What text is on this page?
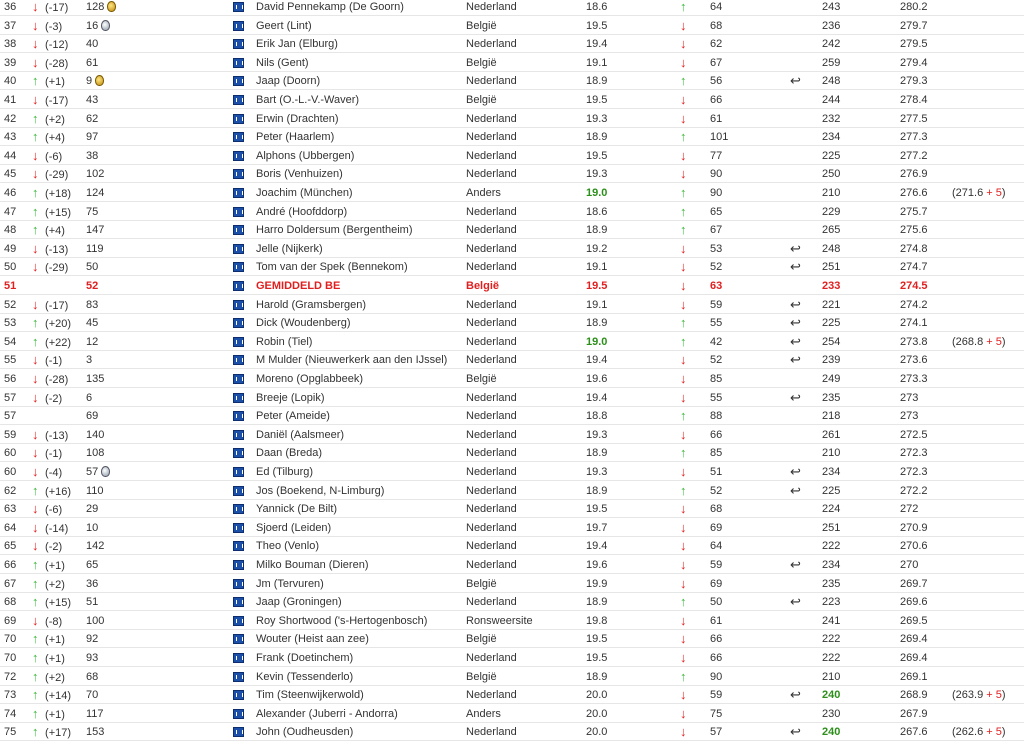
36 ↓ (-17) 128	David Pennekamp (De Goorn)	Nederland	18.6	↑ 64	243	280.2
37 ↓ (-3) 16	Geert (Lint)	België	19.5	↓ 68	236	279.7
38 ↓ (-12) 40	Erik Jan (Elburg)	Nederland	19.4	↓ 62	242	279.5
39 ↓ (-28) 61	Nils (Gent)	België	19.1	↓ 67	259	279.4
40 ↑ (+1) 9	Jaap (Doorn)	Nederland	18.9	↑ 56	↩ 248	279.3
41 ↓ (-17) 43	Bart (O.-L.-V.-Waver)	België	19.5	↓ 66	244	278.4
42 ↑ (+2) 62	Erwin (Drachten)	Nederland	19.3	↓ 61	232	277.5
43 ↑ (+4) 97	Peter (Haarlem)	Nederland	18.9	↑ 101	234	277.3
44 ↓ (-6) 38	Alphons (Ubbergen)	Nederland	19.5	↓ 77	225	277.2
45 ↓ (-29) 102	Boris (Venhuizen)	Nederland	19.3	↓ 90	250	276.9
46 ↑ (+18) 124	Joachim (München)	Anders	19.0	↑ 90	210	276.6 (271.6 + 5)
47 ↑ (+15) 75	André (Hoofddorp)	Nederland	18.6	↑ 65	229	275.7
48 ↑ (+4) 147	Harro Doldersum (Bergentheim)	Nederland	18.9	↑ 67	265	275.6
49 ↓ (-13) 119	Jelle (Nijkerk)	Nederland	19.2	↓ 53	↩ 248	274.8
50 ↓ (-29) 50	Tom van der Spek (Bennekom)	Nederland	19.1	↓ 52	↩ 251	274.7
51	52	GEMIDDELD BE	België	19.5	↓ 63	233	274.5
52 ↓ (-17) 83	Harold (Gramsbergen)	Nederland	19.1	↓ 59	↩ 221	274.2
53 ↑ (+20) 45	Dick (Woudenberg)	Nederland	18.9	↑ 55	↩ 225	274.1
54 ↑ (+22) 12	Robin (Tiel)	Nederland	19.0	↑ 42	↩ 254	273.8 (268.8 + 5)
55 ↓ (-1) 3	M Mulder (Nieuwerkerk aan den IJssel) Nederland	19.4	↓ 52	↩ 239	273.6
56 ↓ (-28) 135	Moreno (Opglabbeek)	België	19.6	↓ 85	249	273.3
57 ↓ (-2) 6	Breeje (Lopik)	Nederland	19.4	↓ 55	↩ 235	273
57	69	Peter (Ameide)	Nederland	18.8	↑ 88	218	273
59 ↓ (-13) 140	Daniël (Aalsmeer)	Nederland	19.3	↓ 66	261	272.5
60 ↓ (-1) 108	Daan (Breda)	Nederland	18.9	↑ 85	210	272.3
60 ↓ (-4) 57	Ed (Tilburg)	Nederland	19.3	↓ 51	↩ 234	272.3
62 ↑ (+16) 110	Jos (Boekend, N-Limburg)	Nederland	18.9	↑ 52	↩ 225	272.2
63 ↓ (-6) 29	Yannick (De Bilt)	Nederland	19.5	↓ 68	224	272
64 ↓ (-14) 10	Sjoerd (Leiden)	Nederland	19.7	↓ 69	251	270.9
65 ↓ (-2) 142	Theo (Venlo)	Nederland	19.4	↓ 64	222	270.6
66 ↑ (+1) 65	Milko Bouman (Dieren)	Nederland	19.6	↓ 59	↩ 234	270
67 ↑ (+2) 36	Jm (Tervuren)	België	19.9	↓ 69	235	269.7
68 ↑ (+15) 51	Jaap (Groningen)	Nederland	18.9	↑ 50	↩ 223	269.6
69 ↓ (-8) 100	Roy Shortwood ('s-Hertogenbosch)	Ronsweersite	19.8	↓ 61	241	269.5
70 ↑ (+1) 92	Wouter (Heist aan zee)	België	19.5	↓ 66	222	269.4
70 ↑ (+1) 93	Frank (Doetinchem)	Nederland	19.5	↓ 66	222	269.4
72 ↑ (+2) 68	Kevin (Tessenderlo)	België	18.9	↑ 90	210	269.1
73 ↑ (+14) 70	Tim (Steenwijkerwold)	Nederland	20.0	↓ 59	↩ 240	268.9 (263.9 + 5)
74 ↑ (+1) 117	Alexander (Juberri - Andorra)	Anders	20.0	↓ 75	230	267.9
75 ↑ (+17) 153	John (Oudheusden)	Nederland	20.0	↓ 57	↩ 240	267.6 (262.6 + 5)
